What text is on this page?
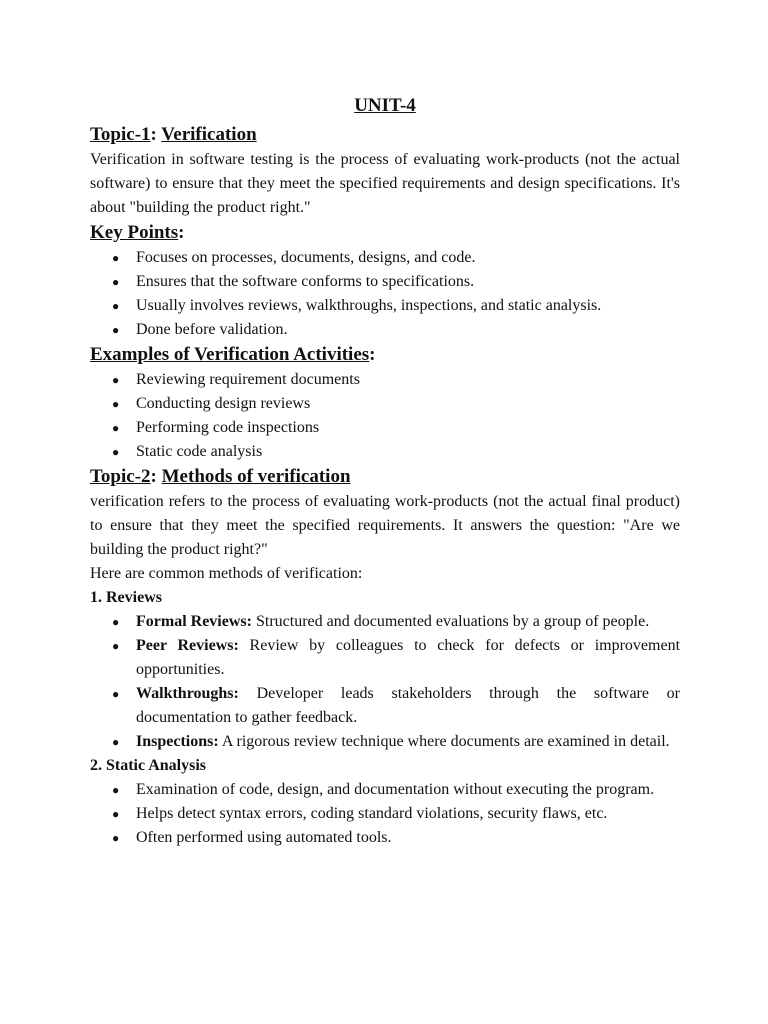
UNIT-4
Topic-1: Verification

Verification in software testing is the process of evaluating work-products (not the actual software) to ensure that they meet the specified requirements and design specifications. It's about "building the product right."

Key Points:
● Focuses on processes, documents, designs, and code.
● Ensures that the software conforms to specifications.
● Usually involves reviews, walkthroughs, inspections, and static analysis.
● Done before validation.
Examples of Verification Activities:
● Reviewing requirement documents
● Conducting design reviews
● Performing code inspections
● Static code analysis
Topic-2: Methods of verification

verification refers to the process of evaluating work-products (not the actual final product) to ensure that they meet the specified requirements. It answers the question: "Are we building the product right?"

Here are common methods of verification:

1. Reviews

● Formal Reviews: Structured and documented evaluations by a group of people.
● Peer Reviews: Review by colleagues to check for defects or improvement opportunities.
● Walkthroughs: Developer leads stakeholders through the software or documentation to gather feedback.
● Inspections: A rigorous review technique where documents are examined in detail.

2. Static Analysis

● Examination of code, design, and documentation without executing the program.
● Helps detect syntax errors, coding standard violations, security flaws, etc.
● Often performed using automated tools.
